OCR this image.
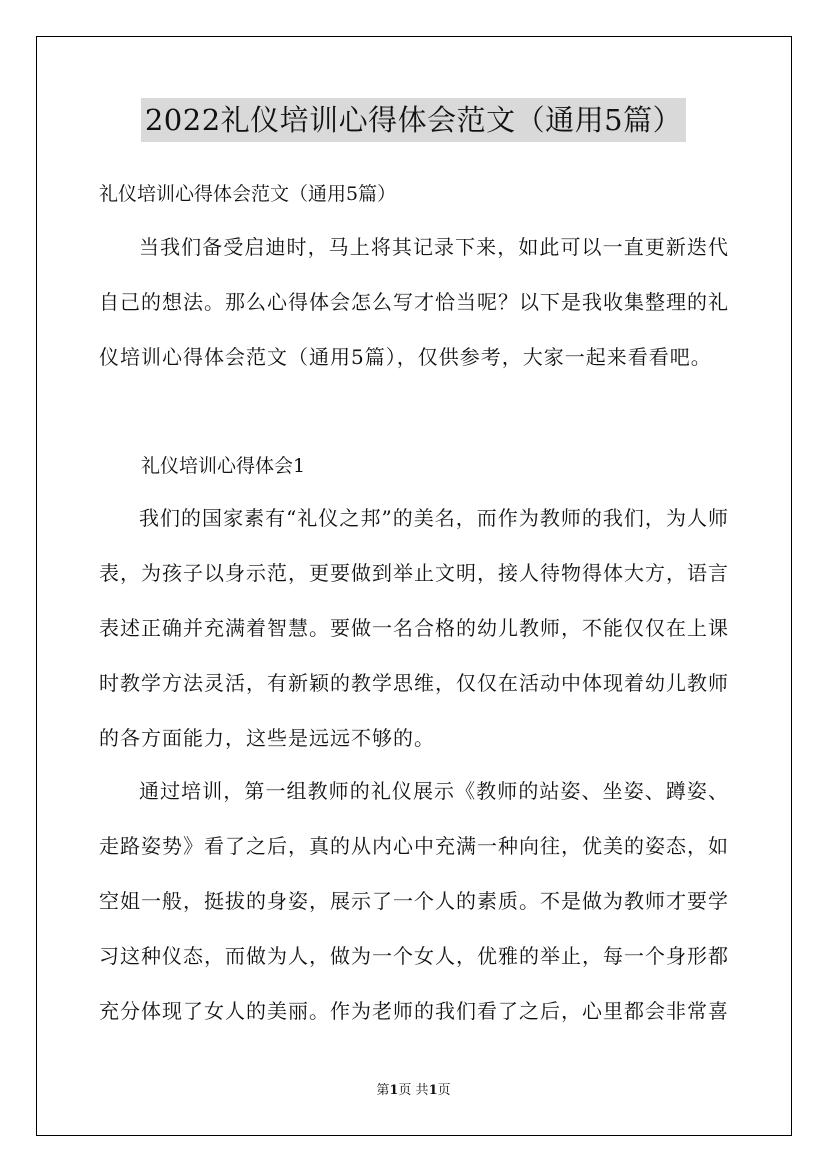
2022礼仪培训心得体会范文（通用5篇）
礼仪培训心得体会范文（通用5篇）

当我们备受启迪时，马上将其记录下来，如此可以一直更新迭代自己的想法。那么心得体会怎么写才恰当呢？以下是我收集整理的礼仪培训心得体会范文（通用5篇），仅供参考，大家一起来看看吧。

礼仪培训心得体会1

我们的国家素有“礼仪之邦”的美名，而作为教师的我们，为人师表，为孩子以身示范，更要做到举止文明，接人待物得体大方，语言表述正确并充满着智慧。要做一名合格的幼儿教师，不能仅仅在上课时教学方法灵活，有新颖的教学思维，仅仅在活动中体现着幼儿教师的各方面能力，这些是远远不够的。

通过培训，第一组教师的礼仪展示《教师的站姿、坐姿、蹲姿、走路姿势》看了之后，真的从内心中充满一种向往，优美的姿态，如空姐一般，挺拔的身姿，展示了一个人的素质。不是做为教师才要学习这种仪态，而做为人，做为一个女人，优雅的举止，每一个身形都充分体现了女人的美丽。作为老师的我们看了之后，心里都会非常喜

第1页 共1页
